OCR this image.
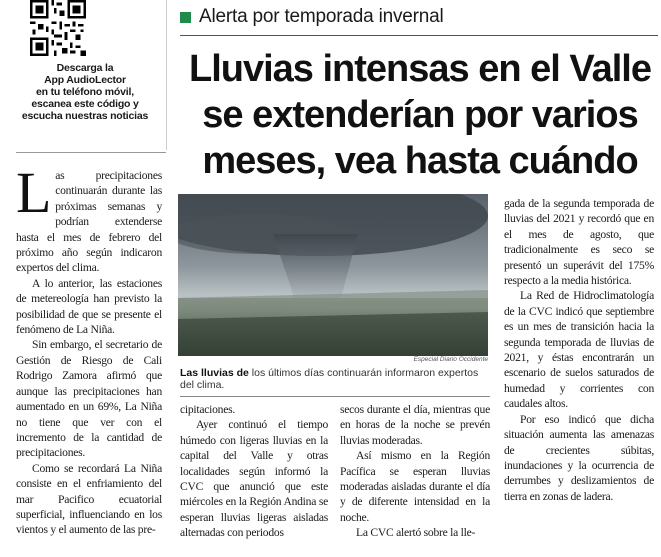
Descarga la
App AudioLector
en tu teléfono móvil,
escanea este código y
escucha nuestras noticias
Alerta por temporada invernal
Lluvias intensas en el Valle
se extenderían por varios
meses, vea hasta cuándo
Especial Diario Occidente
Las lluvias de los últimos días continuarán informaron expertos del clima.

Las precipitaciones continuarán durante las próximas semanas y podrían extenderse hasta el mes de febrero del próximo año según indicaron expertos del clima.

A lo anterior, las estaciones de metereología han previsto la posibilidad de que se presente el fenómeno de La Niña.

Sin embargo, el secretario de Gestión de Riesgo de Cali Rodrigo Zamora afirmó que aunque las precipitaciones han aumentado en un 69%, La Niña no tiene que ver con el incremento de la cantidad de precipitaciones.

Como se recordará La Niña consiste en el enfriamiento del mar Pacifico ecuatorial superficial, influenciando en los vientos y el aumento de las pre-

cipitaciones.

Ayer continuó el tiempo húmedo con ligeras lluvias en la capital del Valle y otras localidades según informó la CVC que anunció que este miércoles en la Región Andina se esperan lluvias ligeras aisladas alternadas con periodos

secos durante el día, mientras que en horas de la noche se prevén lluvias moderadas.

Así mismo en la Región Pacífica se esperan lluvias moderadas aisladas durante el día y de diferente intensidad en la noche.

La CVC alertó sobre la lle-

gada de la segunda temporada de lluvias del 2021 y recordó que en el mes de agosto, que tradicionalmente es seco se presentó un superávit del 175% respecto a la media histórica.

La Red de Hidroclimatología de la CVC indicó que septiembre es un mes de transición hacia la segunda temporada de lluvias de 2021, y éstas encontrarán un escenario de suelos saturados de humedad y corrientes con caudales altos.

Por eso indicó que dicha situación aumenta las amenazas de crecientes súbitas, inundaciones y la ocurrencia de derrumbes y deslizamientos de tierra en zonas de ladera.
